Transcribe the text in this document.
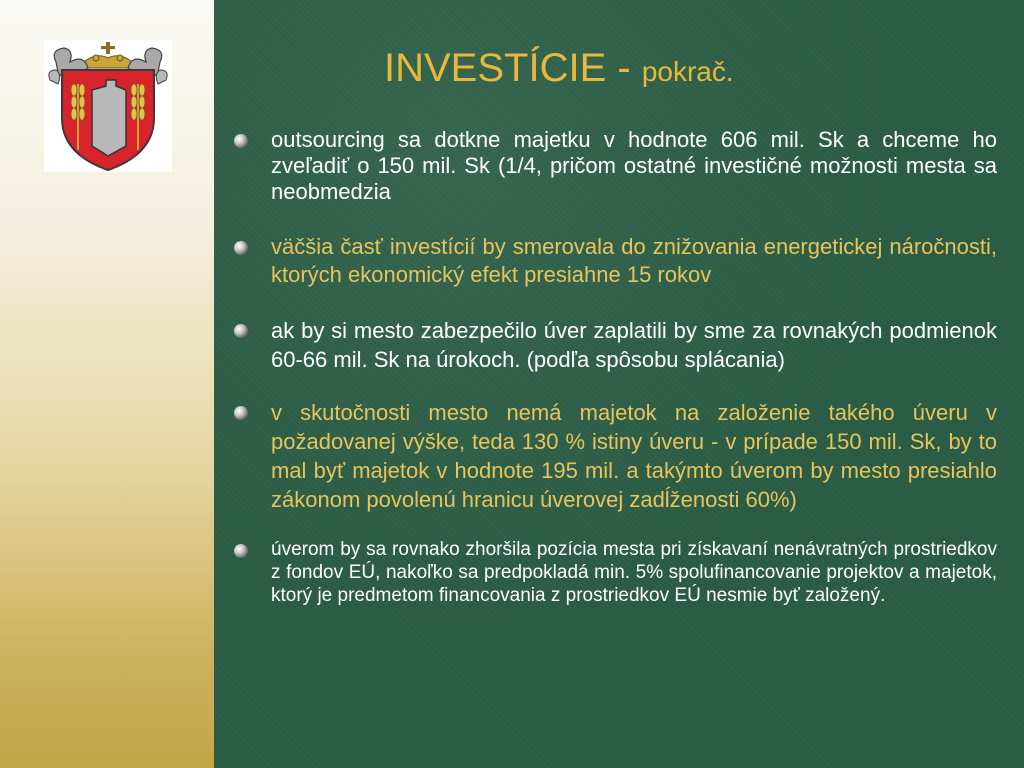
INVESTÍCIE - pokrač.
outsourcing sa dotkne majetku v hodnote 606 mil. Sk a chceme ho zveľadiť o 150 mil. Sk (1/4, pričom ostatné investičné možnosti mesta sa neobmedzia
väčšia časť investícií by smerovala do znižovania energetickej náročnosti, ktorých ekonomický efekt presiahne 15 rokov
ak by si mesto zabezpečilo úver zaplatili by sme za rovnakých podmienok 60-66 mil. Sk na úrokoch. (podľa spôsobu splácania)
v skutočnosti mesto nemá majetok na založenie takého úveru v požadovanej výške, teda 130 % istiny úveru - v prípade 150 mil. Sk, by to mal byť majetok v hodnote 195 mil. a takýmto úverom by mesto presiahlo zákonom povolenú hranicu úverovej zadĺženosti 60%)
úverom by sa rovnako zhoršila pozícia mesta pri získavaní nenávratných prostriedkov z fondov EÚ, nakoľko sa predpokladá min. 5% spolufinancovanie projektov a majetok, ktorý je predmetom financovania z prostriedkov EÚ nesmie byť založený.
